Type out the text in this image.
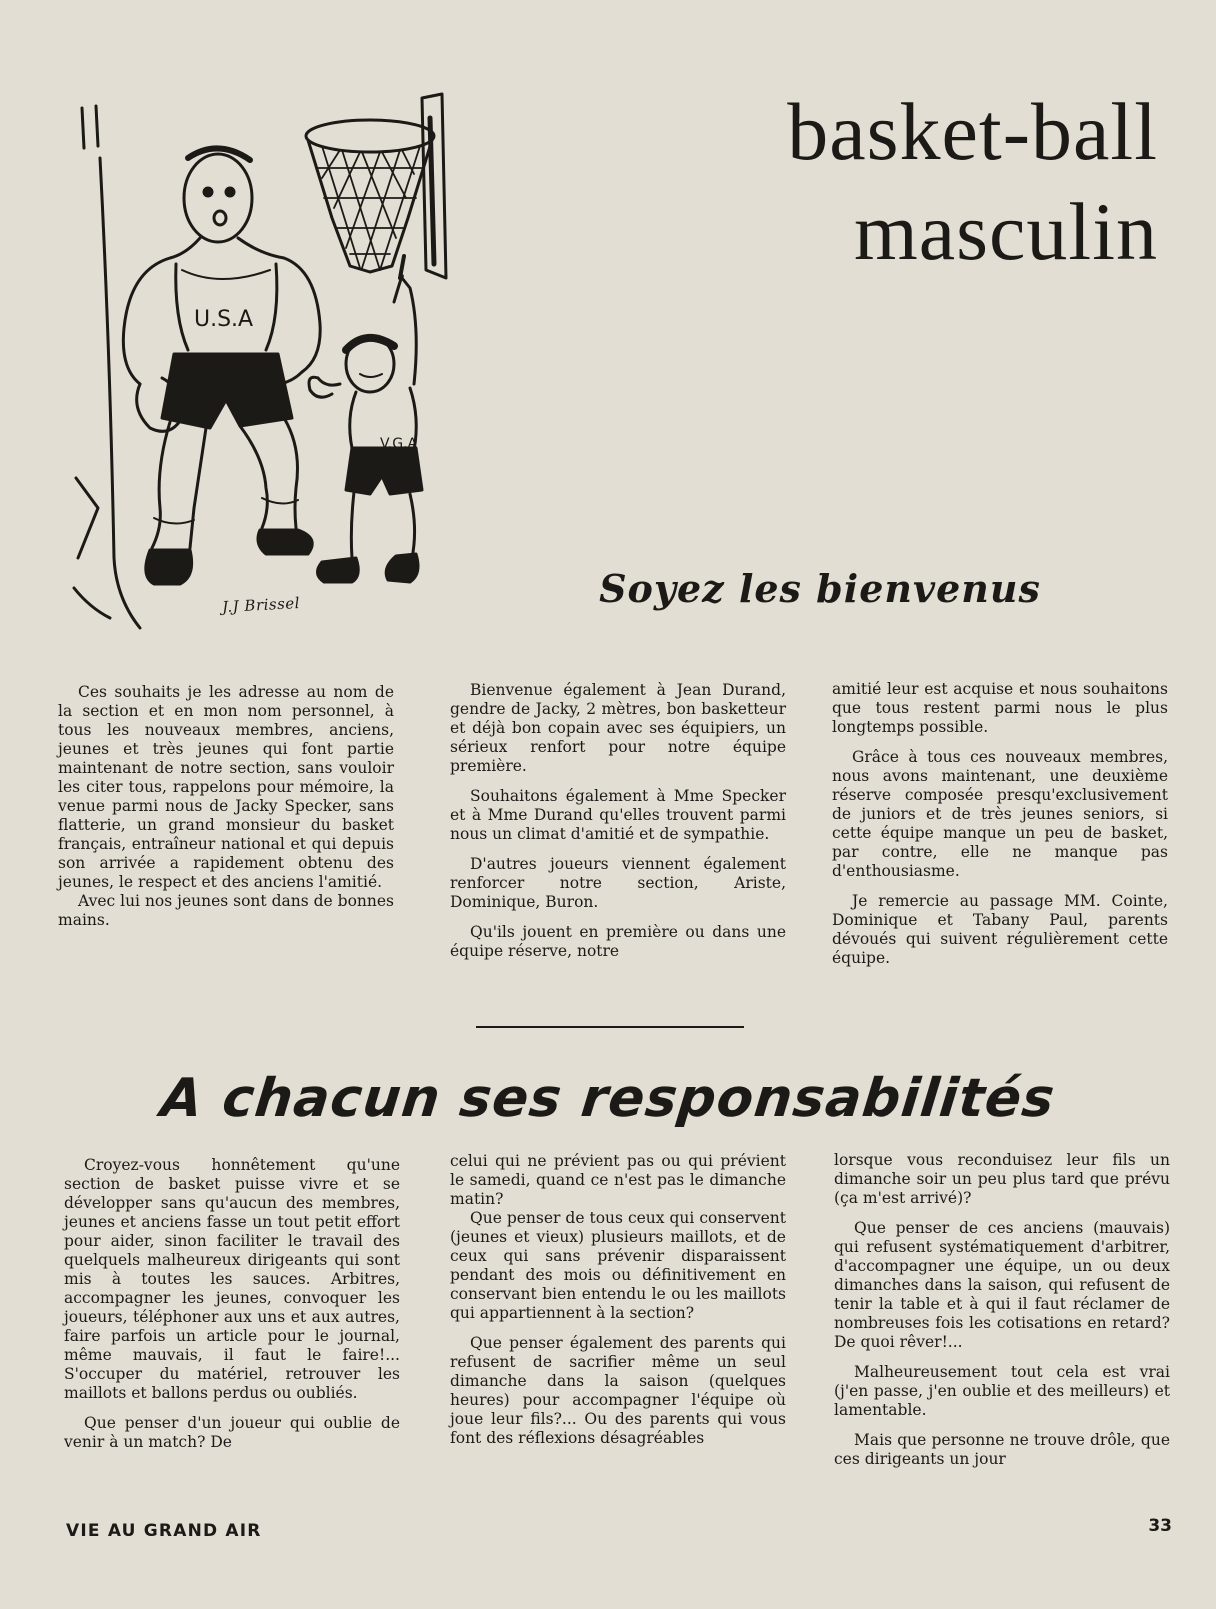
U.S.A
V.G.A
J.J Brissel
basket-ball
masculin
Soyez les bienvenus

Ces souhaits je les adresse au nom de la section et en mon nom personnel, à tous les nouveaux membres, anciens, jeunes et très jeunes qui font partie maintenant de notre section, sans vouloir les citer tous, rappelons pour mémoire, la venue parmi nous de Jacky Specker, sans flatterie, un grand monsieur du basket français, entraîneur national et qui depuis son arrivée a rapidement obtenu des jeunes, le respect et des anciens l'amitié.

Avec lui nos jeunes sont dans de bonnes mains.

Bienvenue également à Jean Durand, gendre de Jacky, 2 mètres, bon basketteur et déjà bon copain avec ses équipiers, un sérieux renfort pour notre équipe première.

Souhaitons également à Mme Specker et à Mme Durand qu'elles trouvent parmi nous un climat d'amitié et de sympathie.

D'autres joueurs viennent également renforcer notre section, Ariste, Dominique, Buron.

Qu'ils jouent en première ou dans une équipe réserve, notre

amitié leur est acquise et nous souhaitons que tous restent parmi nous le plus longtemps possible.

Grâce à tous ces nouveaux membres, nous avons maintenant, une deuxième réserve composée presqu'exclusivement de juniors et de très jeunes seniors, si cette équipe manque un peu de basket, par contre, elle ne manque pas d'enthousiasme.

Je remercie au passage MM. Cointe, Dominique et Tabany Paul, parents dévoués qui suivent régulièrement cette équipe.

A chacun ses responsabilités

Croyez-vous honnêtement qu'une section de basket puisse vivre et se développer sans qu'aucun des membres, jeunes et anciens fasse un tout petit effort pour aider, sinon faciliter le travail des quelquels malheureux dirigeants qui sont mis à toutes les sauces. Arbitres, accompagner les jeunes, convoquer les joueurs, téléphoner aux uns et aux autres, faire parfois un article pour le journal, même mauvais, il faut le faire!... S'occuper du matériel, retrouver les maillots et ballons perdus ou oubliés.

Que penser d'un joueur qui oublie de venir à un match? De

celui qui ne prévient pas ou qui prévient le samedi, quand ce n'est pas le dimanche matin?

Que penser de tous ceux qui conservent (jeunes et vieux) plusieurs maillots, et de ceux qui sans prévenir disparaissent pendant des mois ou définitivement en conservant bien entendu le ou les maillots qui appartiennent à la section?

Que penser également des parents qui refusent de sacrifier même un seul dimanche dans la saison (quelques heures) pour accompagner l'équipe où joue leur fils?... Ou des parents qui vous font des réflexions désagréables

lorsque vous reconduisez leur fils un dimanche soir un peu plus tard que prévu (ça m'est arrivé)?

Que penser de ces anciens (mauvais) qui refusent systématiquement d'arbitrer, d'accompagner une équipe, un ou deux dimanches dans la saison, qui refusent de tenir la table et à qui il faut réclamer de nombreuses fois les cotisations en retard? De quoi rêver!...

Malheureusement tout cela est vrai (j'en passe, j'en oublie et des meilleurs) et lamentable.

Mais que personne ne trouve drôle, que ces dirigeants un jour

VIE AU GRAND AIR	33
